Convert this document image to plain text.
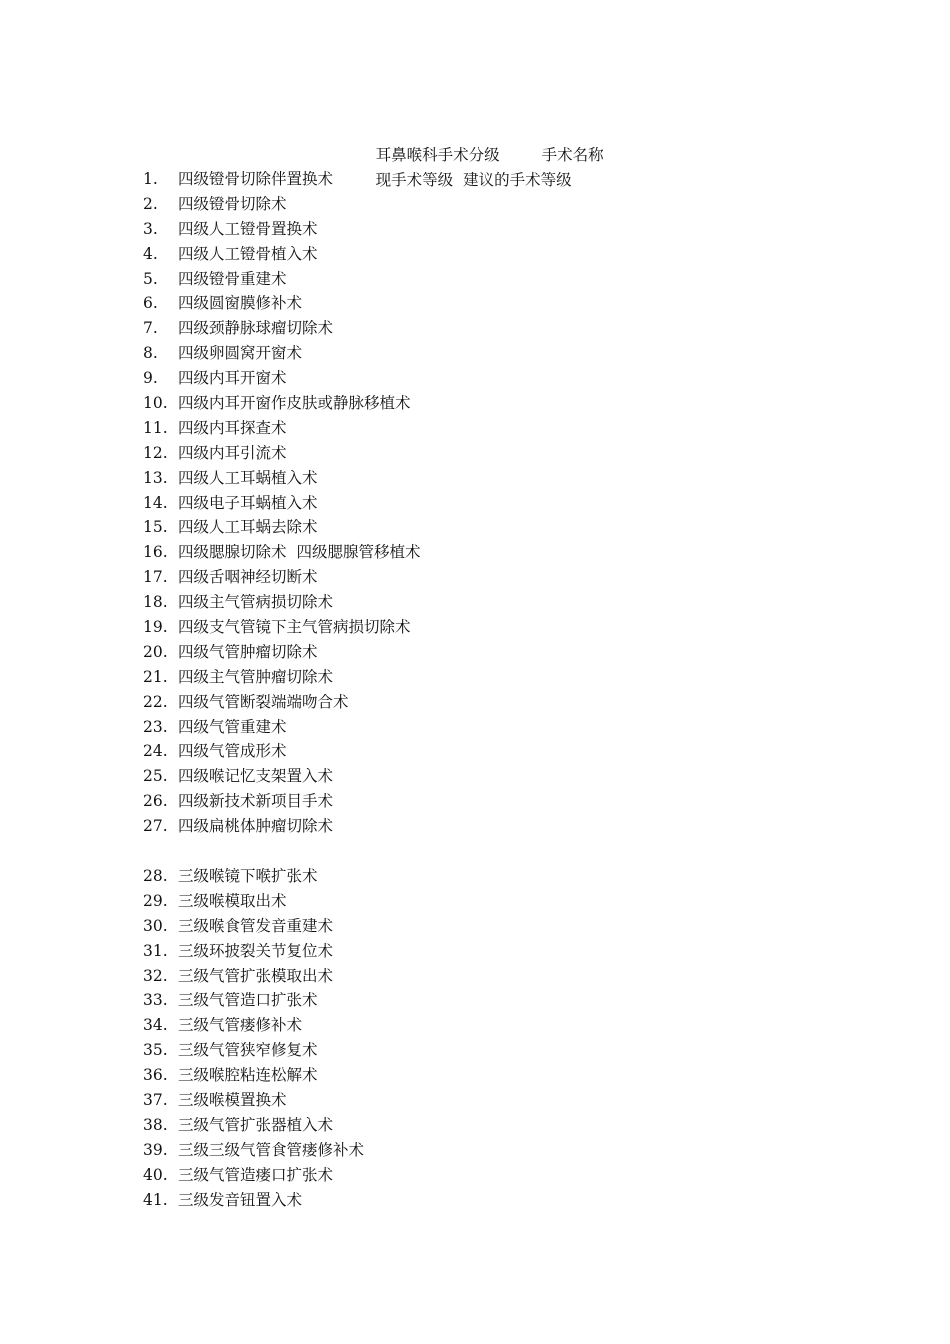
耳鼻喉科手术分级	手术名称

现手术等级 建议的手术等级

1. 四级镫骨切除伴置换术
2. 四级镫骨切除术
3. 四级人工镫骨置换术
4. 四级人工镫骨植入术
5. 四级镫骨重建术
6. 四级圆窗膜修补术
7. 四级颈静脉球瘤切除术
8. 四级卵圆窝开窗术
9. 四级内耳开窗术
10. 四级内耳开窗作皮肤或静脉移植术
11. 四级内耳探查术
12. 四级内耳引流术
13. 四级人工耳蜗植入术
14. 四级电子耳蜗植入术
15. 四级人工耳蜗去除术
16. 四级腮腺切除术 四级腮腺管移植术
17. 四级舌咽神经切断术
18. 四级主气管病损切除术
19. 四级支气管镜下主气管病损切除术
20. 四级气管肿瘤切除术
21. 四级主气管肿瘤切除术
22. 四级气管断裂端端吻合术
23. 四级气管重建术
24. 四级气管成形术
25. 四级喉记忆支架置入术
26. 四级新技术新项目手术
27. 四级扁桃体肿瘤切除术
28. 三级喉镜下喉扩张术
29. 三级喉模取出术
30. 三级喉食管发音重建术
31. 三级环披裂关节复位术
32. 三级气管扩张模取出术
33. 三级气管造口扩张术
34. 三级气管瘘修补术
35. 三级气管狭窄修复术
36. 三级喉腔粘连松解术
37. 三级喉模置换术
38. 三级气管扩张器植入术
39. 三级三级气管食管瘘修补术
40. 三级气管造瘘口扩张术
41. 三级发音钮置入术
